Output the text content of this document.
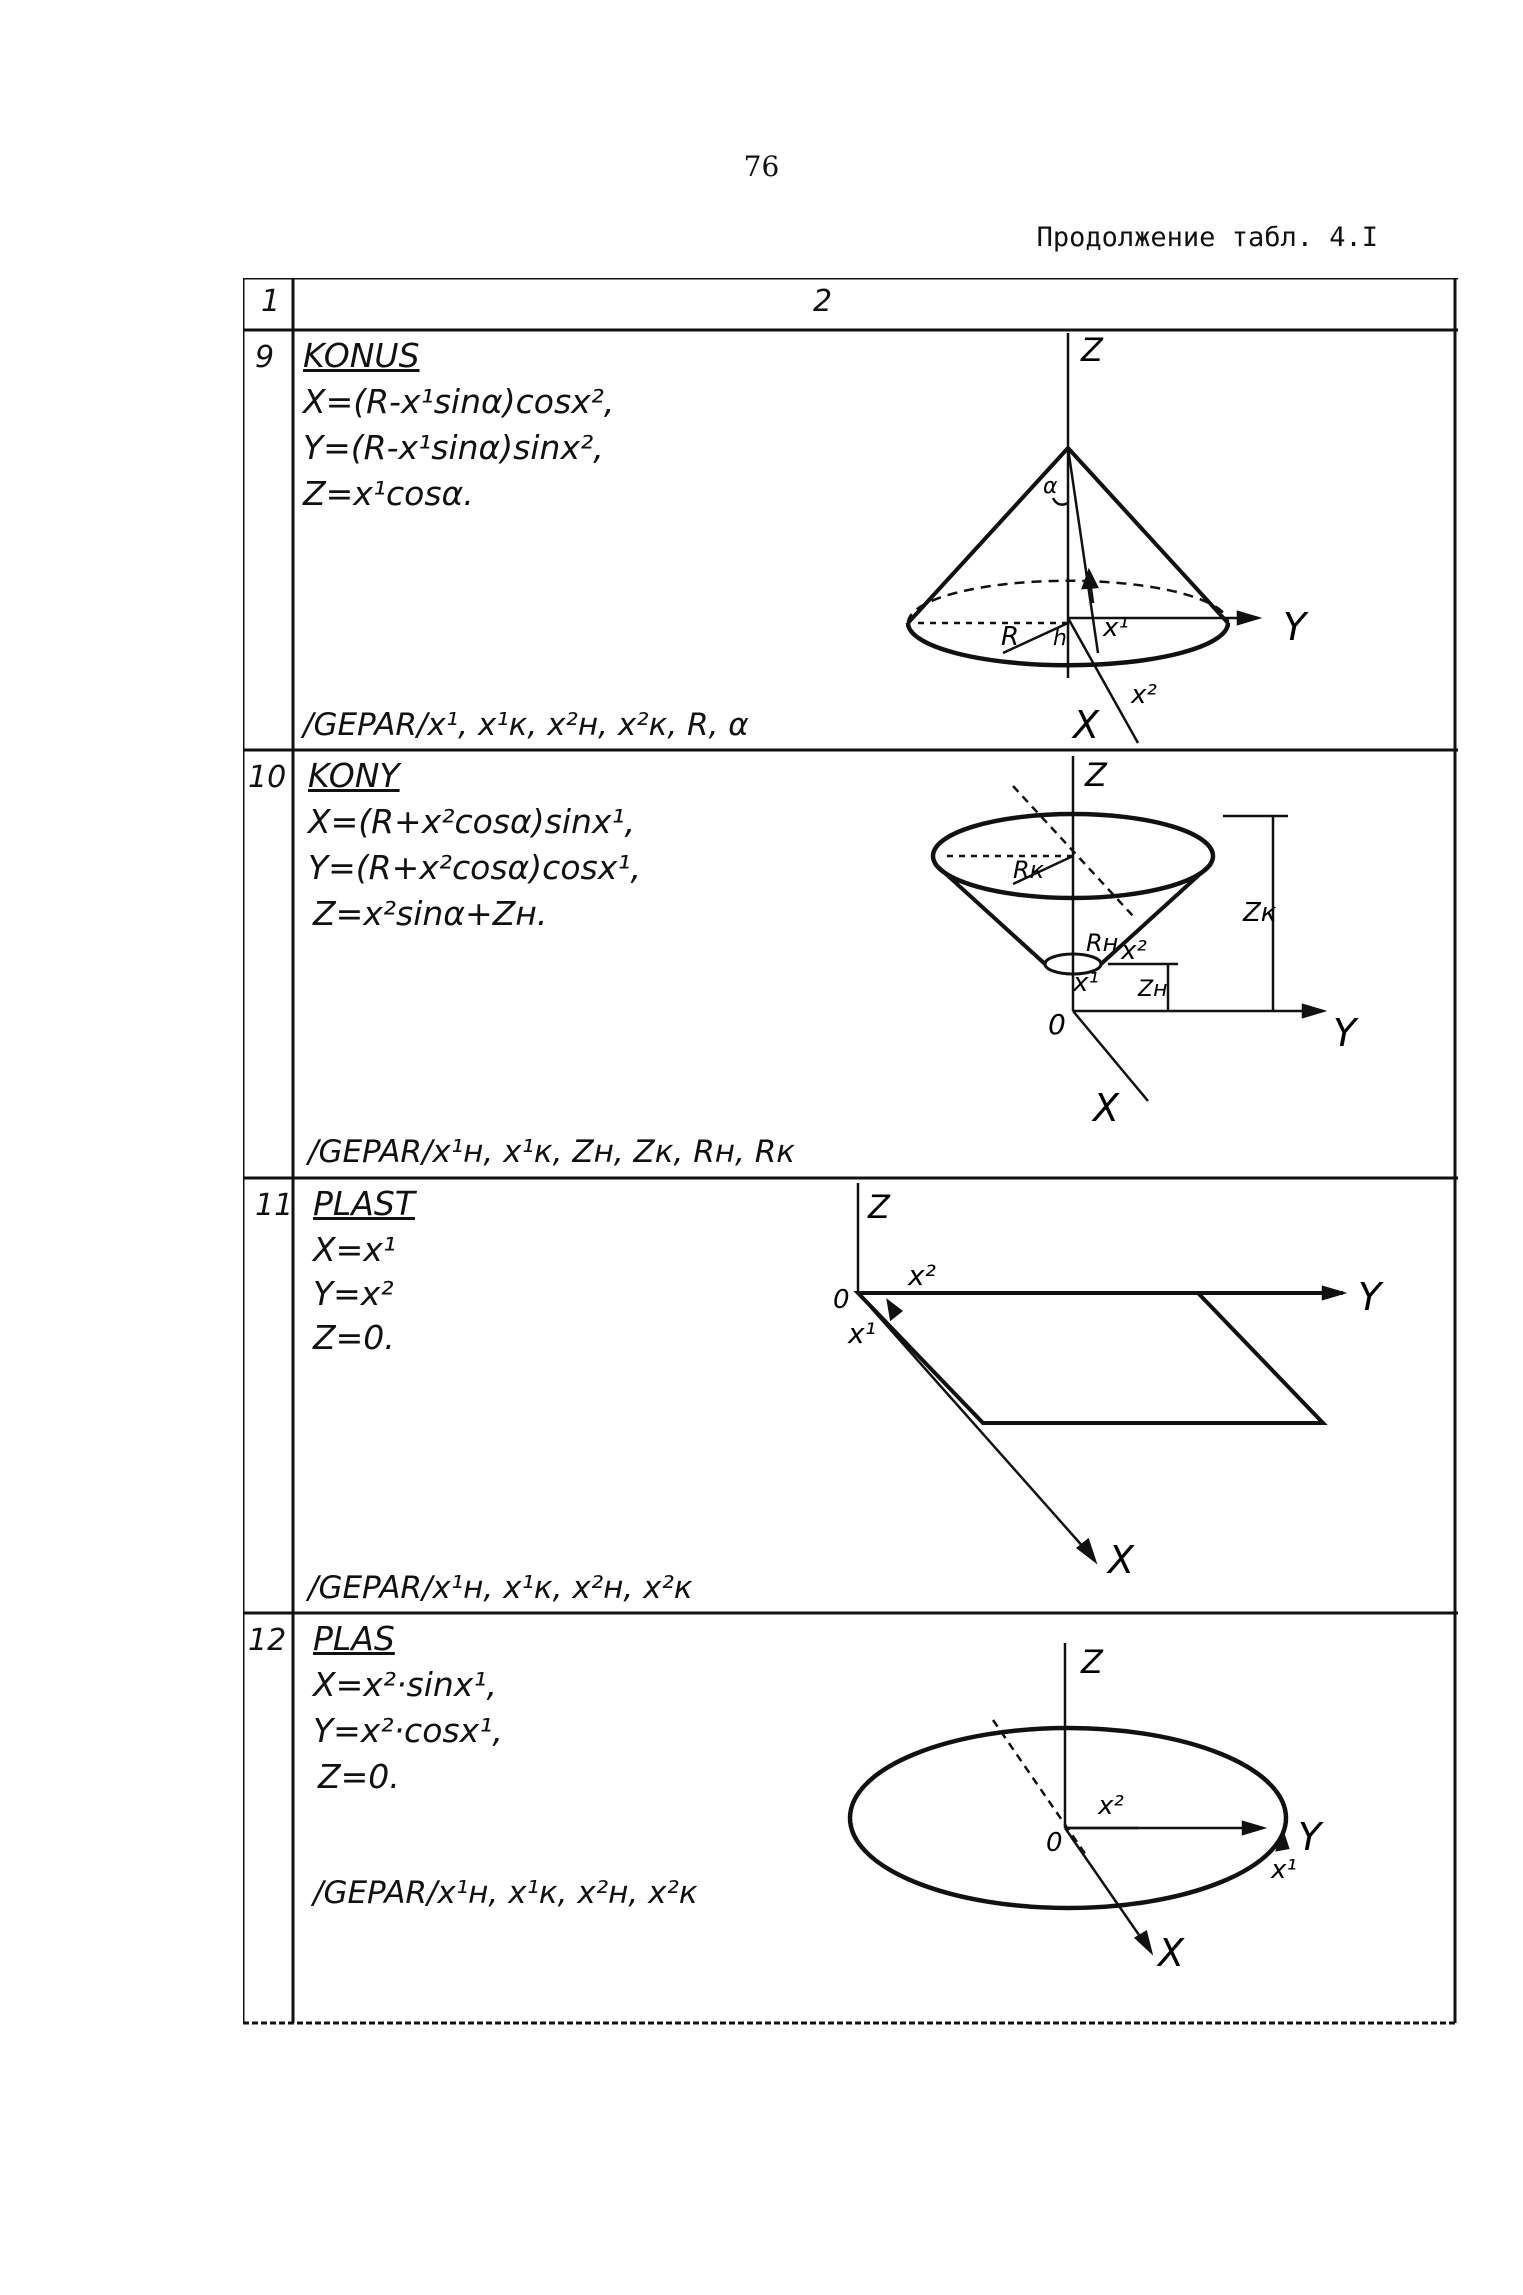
76
Продолжение табл. 4.I
1	2
9 KONUS
X=(R-x¹sinα)cosx²,
Y=(R-x¹sinα)sinx²,
Z=x¹cosα.
/GEPAR/x¹, x¹к, x²н, x²к, R, α
Z
Y
X
R h x¹
x²
α
10 KONY
X=(R+x²cosα)sinx¹,
Y=(R+x²cosα)cosx¹,
Z=x²sinα+Zн.
/GEPAR/x¹н, x¹к, Zн, Zк, Rн, Rк
Z
Y
X
0
Rк
Rн x²
x¹
Zк
Zн
11 PLAST
X=x¹
Y=x²
Z=0.
/GEPAR/x¹н, x¹к, x²н, x²к
Z
Y
X
0
x²
x¹
12 PLAS
X=x²·sinx¹,
Y=x²·cosx¹,
Z=0.
/GEPAR/x¹н, x¹к, x²н, x²к
Z
Y
X
0
x²
x¹
